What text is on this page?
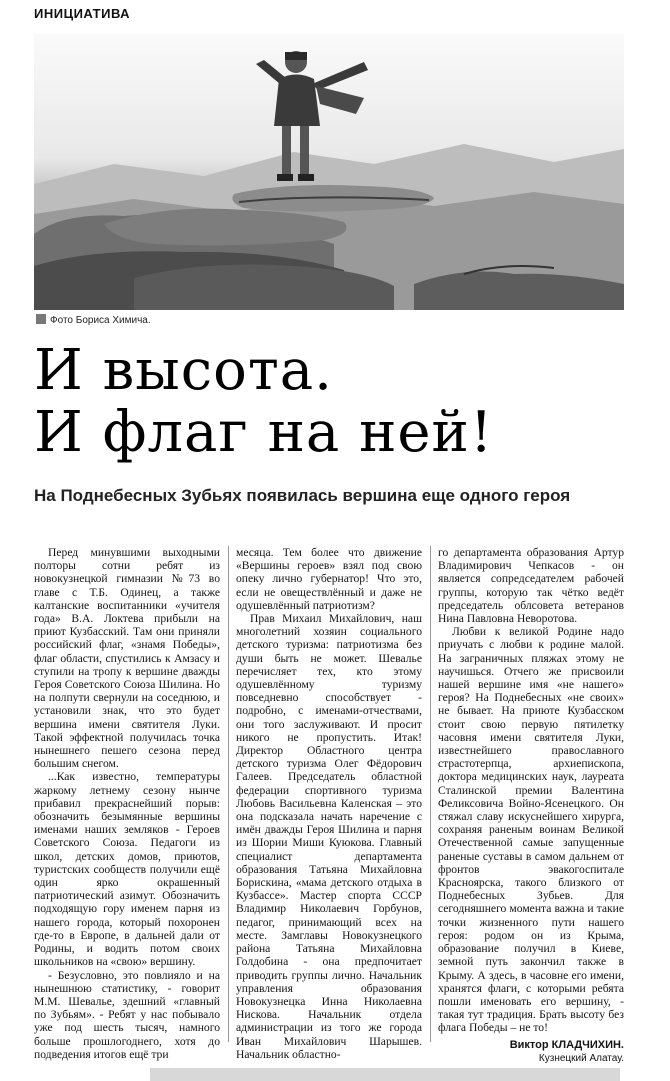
ИНИЦИАТИВА
Фото Бориса Химича.
И высота.
И флаг на ней!
На Поднебесных Зубьях появилась вершина еще одного героя

Перед минувшими выходными полторы сотни ребят из новокузнецкой гимназии №73 во главе с Т.Б. Одинец, а также калтанские воспитанники «учителя года» В.А. Локтева прибыли на приют Кузбасский. Там они приняли российский флаг, «знамя Победы», флаг области, спустились к Амзасу и ступили на тропу к вершине дважды Героя Советского Союза Шилина. Но на полпути свернули на соседнюю, и установили знак, что это будет вершина имени святителя Луки. Такой эффектной получилась точка нынешнего пешего сезона перед большим снегом.

...Как известно, температуры жаркому летнему сезону нынче прибавил прекраснейший порыв: обозначить безымянные вершины именами наших земляков - Героев Советского Союза. Педагоги из школ, детских домов, приютов, туристских сообществ получили ещё один ярко окрашенный патриотический азимут. Обозначить подходящую гору именем парня из нашего города, который похоронен где-то в Европе, в дальней дали от Родины, и водить потом своих школьников на «свою» вершину.

- Безусловно, это повлияло и на нынешнюю статистику, - говорит М.М. Шевалье, здешний «главный по Зубьям». - Ребят у нас побывало уже под шесть тысяч, намного больше прошлогоднего, хотя до подведения итогов ещё три

месяца. Тем более что движение «Вершины героев» взял под свою опеку лично губернатор! Что это, если не овеществлённый и даже не одушевлённый патриотизм?

Прав Михаил Михайлович, наш многолетний хозяин социального детского туризма: патриотизма без души быть не может. Шевалье перечисляет тех, кто этому одушевлённому туризму повседневно способствует - подробно, с именами-отчествами, они того заслуживают. И просит никого не пропустить. Итак! Директор Областного центра детского туризма Олег Фёдорович Галеев. Председатель областной федерации спортивного туризма Любовь Васильевна Каленская – это она подсказала начать наречение с имён дважды Героя Шилина и парня из Шории Миши Куюкова. Главный специалист департамента образования Татьяна Михайловна Борискина, «мама детского отдыха в Кузбассе». Мастер спорта СССР Владимир Николаевич Горбунов, педагог, принимающий всех на месте. Замглавы Новокузнецкого района Татьяна Михайловна Голдобина - она предпочитает приводить группы лично. Начальник управления образования Новокузнецка Инна Николаевна Нискова. Начальник отдела администрации из того же города Иван Михайлович Шарышев. Начальник областно-

го департамента образования Артур Владимирович Чепкасов - он является сопредседателем рабочей группы, которую так чётко ведёт председатель облсовета ветеранов Нина Павловна Неворотова.

Любви к великой Родине надо приучать с любви к родине малой. На заграничных пляжах этому не научишься. Отчего же присвоили нашей вершине имя «не нашего» героя? На Поднебесных «не своих» не бывает. На приюте Кузбасском стоит свою первую пятилетку часовня имени святителя Луки, известнейшего православного страстотерпца, архиепископа, доктора медицинских наук, лауреата Сталинской премии Валентина Феликсовича Войно-Ясенецкого. Он стяжал славу искуснейшего хирурга, сохраняя раненым воинам Великой Отечественной самые запущенные раненые суставы в самом дальнем от фронтов эвакогоспитале Красноярска, такого близкого от Поднебесных Зубьев. Для сегодняшнего момента важна и такие точки жизненного пути нашего героя: родом он из Крыма, образование получил в Киеве, земной путь закончил также в Крыму. А здесь, в часовне его имени, хранятся флаги, с которыми ребята пошли именовать его вершину, - такая тут традиция. Брать высоту без флага Победы – не то!

Виктор КЛАДЧИХИН.
Кузнецкий Алатау.
